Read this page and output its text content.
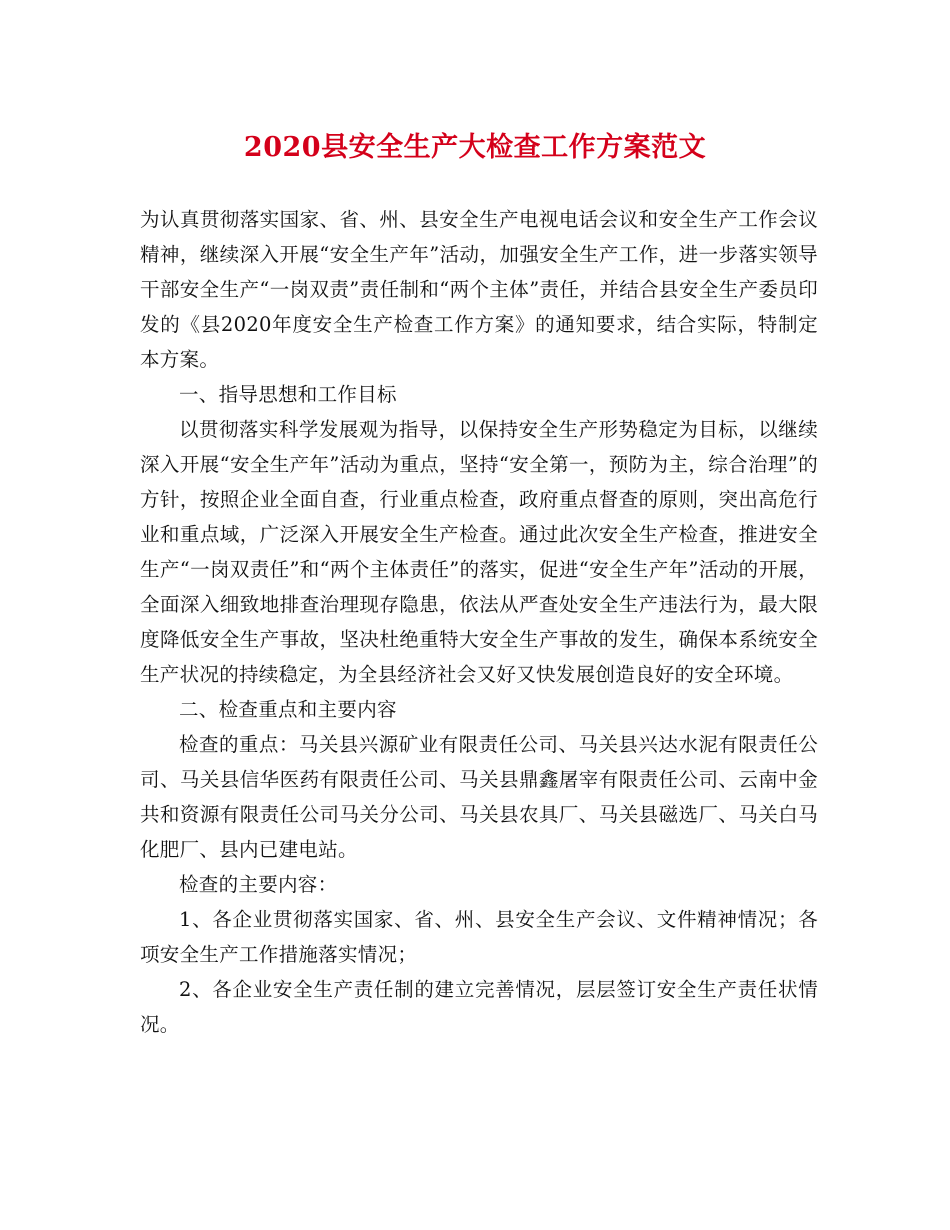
2020县安全生产大检查工作方案范文

为认真贯彻落实国家、省、州、县安全生产电视电话会议和安全生产工作会议精神，继续深入开展“安全生产年”活动，加强安全生产工作，进一步落实领导干部安全生产“一岗双责”责任制和“两个主体”责任，并结合县安全生产委员印发的《县2020年度安全生产检查工作方案》的通知要求，结合实际，特制定本方案。

一、指导思想和工作目标

以贯彻落实科学发展观为指导，以保持安全生产形势稳定为目标，以继续深入开展“安全生产年”活动为重点，坚持“安全第一，预防为主，综合治理”的方针，按照企业全面自查，行业重点检查，政府重点督查的原则，突出高危行业和重点域，广泛深入开展安全生产检查。通过此次安全生产检查，推进安全生产“一岗双责任”和“两个主体责任”的落实，促进“安全生产年”活动的开展，全面深入细致地排查治理现存隐患，依法从严查处安全生产违法行为，最大限度降低安全生产事故，坚决杜绝重特大安全生产事故的发生，确保本系统安全生产状况的持续稳定，为全县经济社会又好又快发展创造良好的安全环境。

二、检查重点和主要内容

检查的重点：马关县兴源矿业有限责任公司、马关县兴达水泥有限责任公司、马关县信华医药有限责任公司、马关县鼎鑫屠宰有限责任公司、云南中金共和资源有限责任公司马关分公司、马关县农具厂、马关县磁选厂、马关白马化肥厂、县内已建电站。

检查的主要内容：

1、各企业贯彻落实国家、省、州、县安全生产会议、文件精神情况；各项安全生产工作措施落实情况；

2、各企业安全生产责任制的建立完善情况，层层签订安全生产责任状情况。
